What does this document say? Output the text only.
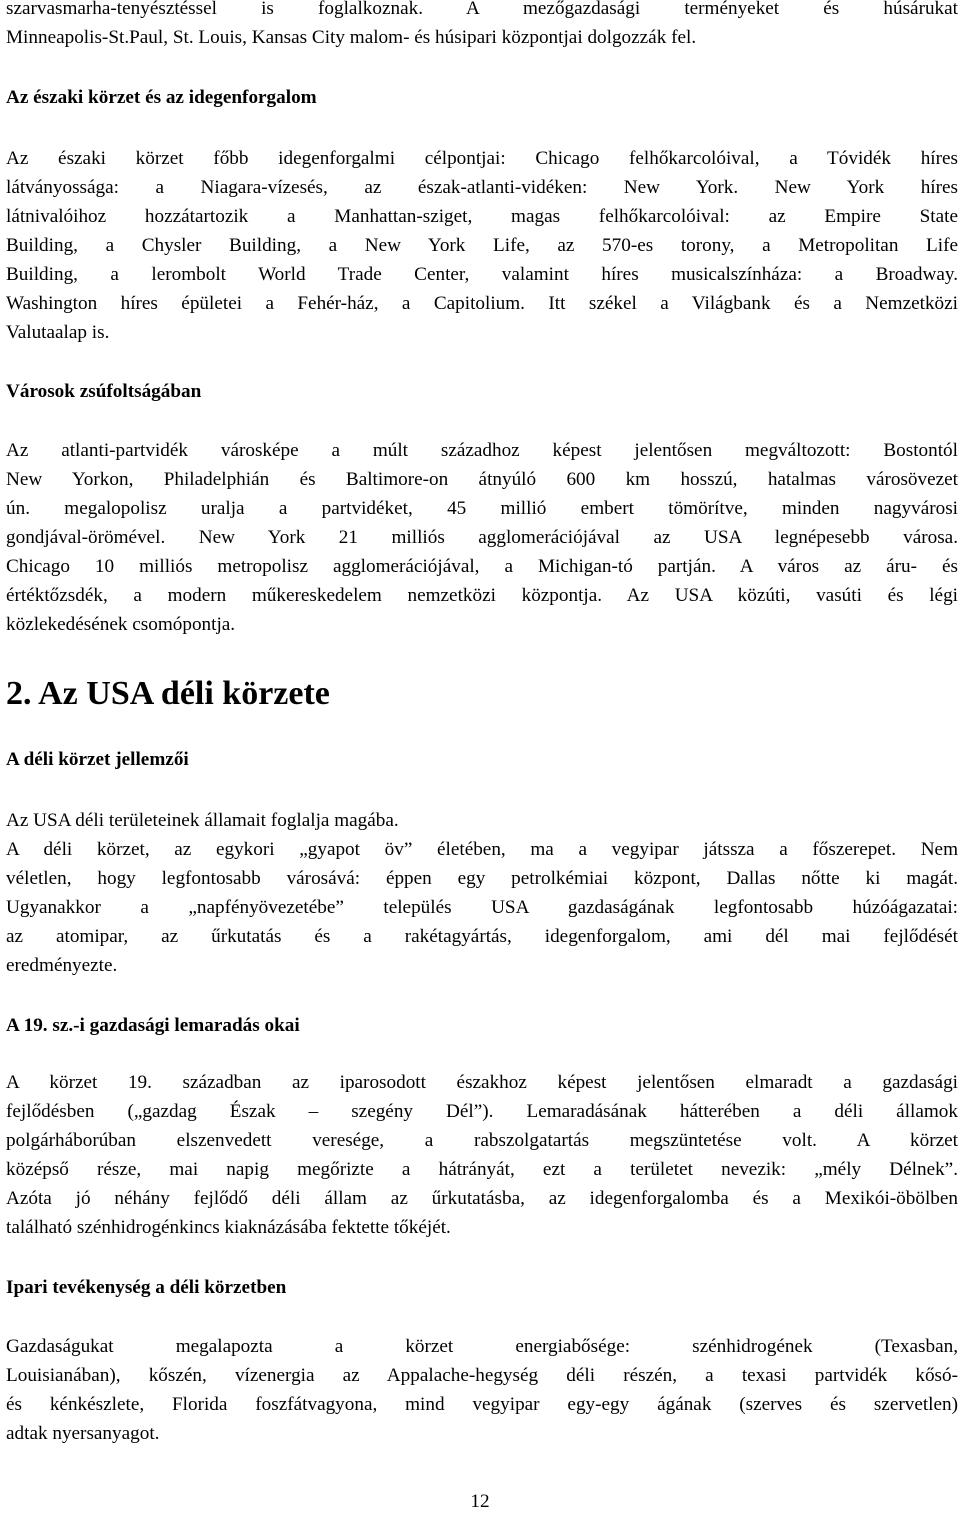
szarvasmarha-tenyésztéssel is foglalkoznak. A mezőgazdasági terményeket és húsárukat
Minneapolis-St.Paul, St. Louis, Kansas City malom- és húsipari központjai dolgozzák fel.

Az északi körzet és az idegenforgalom

Az északi körzet főbb idegenforgalmi célpontjai: Chicago felhőkarcolóival, a Tóvidék híres
látványossága: a Niagara-vízesés, az észak-atlanti-vidéken: New York. New York híres
látnivalóihoz hozzátartozik a Manhattan-sziget, magas felhőkarcolóival: az Empire State
Building, a Chysler Building, a New York Life, az 570-es torony, a Metropolitan Life
Building, a lerombolt World Trade Center, valamint híres musicalszínháza: a Broadway.
Washington híres épületei a Fehér-ház, a Capitolium. Itt székel a Világbank és a Nemzetközi
Valutaalap is.

Városok zsúfoltságában

Az atlanti-partvidék városképe a múlt századhoz képest jelentősen megváltozott: Bostontól
New Yorkon, Philadelphián és Baltimore-on átnyúló 600 km hosszú, hatalmas városövezet
ún. megalopolisz uralja a partvidéket, 45 millió embert tömörítve, minden nagyvárosi
gondjával-örömével. New York 21 milliós agglomerációjával az USA legnépesebb városa.
Chicago 10 milliós metropolisz agglomerációjával, a Michigan-tó partján. A város az áru- és
értéktőzsdék, a modern műkereskedelem nemzetközi központja. Az USA közúti, vasúti és légi
közlekedésének csomópontja.

2. Az USA déli körzete
A déli körzet jellemzői

Az USA déli területeinek államait foglalja magába.
A déli körzet, az egykori „gyapot öv” életében, ma a vegyipar játssza a főszerepet. Nem
véletlen, hogy legfontosabb városává: éppen egy petrolkémiai központ, Dallas nőtte ki magát.
Ugyanakkor a „napfényövezetébe” település USA gazdaságának legfontosabb húzóágazatai:
az atomipar, az űrkutatás és a rakétagyártás, idegenforgalom, ami dél mai fejlődését
eredményezte.

A 19. sz.-i gazdasági lemaradás okai

A körzet 19. században az iparosodott északhoz képest jelentősen elmaradt a gazdasági
fejlődésben („gazdag Észak – szegény Dél”). Lemaradásának hátterében a déli államok
polgárháborúban elszenvedett veresége, a rabszolgatartás megszüntetése volt. A körzet
középső része, mai napig megőrizte a hátrányát, ezt a területet nevezik: „mély Délnek”.
Azóta jó néhány fejlődő déli állam az űrkutatásba, az idegenforgalomba és a Mexikói-öbölben
található szénhidrogénkincs kiaknázásába fektette tőkéjét.

Ipari tevékenység a déli körzetben

Gazdaságukat megalapozta a körzet energiabősége: szénhidrogének (Texasban,
Louisianában), kőszén, vízenergia az Appalache-hegység déli részén, a texasi partvidék kősó-
és kénkészlete, Florida foszfátvagyona, mind vegyipar egy-egy ágának (szerves és szervetlen)
adtak nyersanyagot.

12
